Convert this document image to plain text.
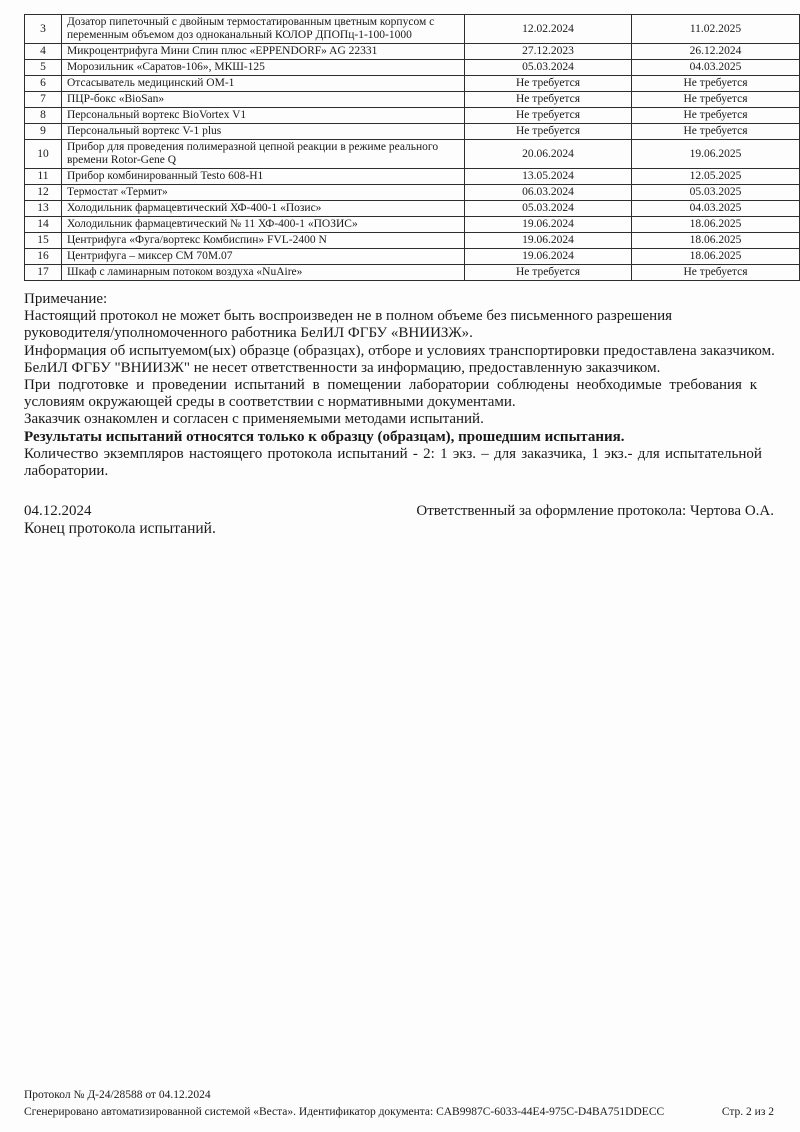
3	Дозатор пипеточный с двойным термостатированным цветным корпусом с переменным объемом доз одноканальный КОЛОР ДПОПц-1-100-1000	12.02.2024	11.02.2025
4	Микроцентрифуга Мини Спин плюс «EPPENDORF» AG 22331	27.12.2023	26.12.2024
5	Морозильник «Саратов-106», МКШ-125	05.03.2024	04.03.2025
6	Отсасыватель медицинский ОМ-1	Не требуется	Не требуется
7	ПЦР-бокс «BioSan»	Не требуется	Не требуется
8	Персональный вортекс BioVortex V1	Не требуется	Не требуется
9	Персональный вортекс V-1 plus	Не требуется	Не требуется
10	Прибор для проведения полимеразной цепной реакции в режиме реального времени Rotor-Gene Q	20.06.2024	19.06.2025
11	Прибор комбинированный Testo 608-H1	13.05.2024	12.05.2025
12	Термостат «Термит»	06.03.2024	05.03.2025
13	Холодильник фармацевтический ХФ-400-1 «Позис»	05.03.2024	04.03.2025
14	Холодильник фармацевтический № 11 ХФ-400-1 «ПОЗИС»	19.06.2024	18.06.2025
15	Центрифуга «Фуга/вортекс Комбиспин» FVL-2400 N	19.06.2024	18.06.2025
16	Центрифуга – миксер СМ 70М.07	19.06.2024	18.06.2025
17	Шкаф с ламинарным потоком воздуха «NuAire»	Не требуется	Не требуется
Примечание:
Настоящий протокол не может быть воспроизведен не в полном объеме без письменного разрешения
руководителя/уполномоченного работника БелИЛ ФГБУ «ВНИИЗЖ».
Информация об испытуемом(ых) образце (образцах), отборе и условиях транспортировки предоставлена заказчиком.
БелИЛ ФГБУ "ВНИИЗЖ" не несет ответственности за информацию, предоставленную заказчиком.
При подготовке и проведении испытаний в помещении лаборатории соблюдены необходимые требования к
условиям окружающей среды в соответствии с нормативными документами.
Заказчик ознакомлен и согласен с применяемыми методами испытаний.
Результаты испытаний относятся только к образцу (образцам), прошедшим испытания.
Количество экземпляров настоящего протокола испытаний - 2: 1 экз. – для заказчика, 1 экз.- для испытательной
лаборатории.
04.12.2024	Ответственный за оформление протокола: Чертова О.А.
Конец протокола испытаний.
Протокол № Д-24/28588 от 04.12.2024
Сгенерировано автоматизированной системой «Веста». Идентификатор документа: CAB9987C-6033-44E4-975C-D4BA751DDECC	Стр. 2 из 2
